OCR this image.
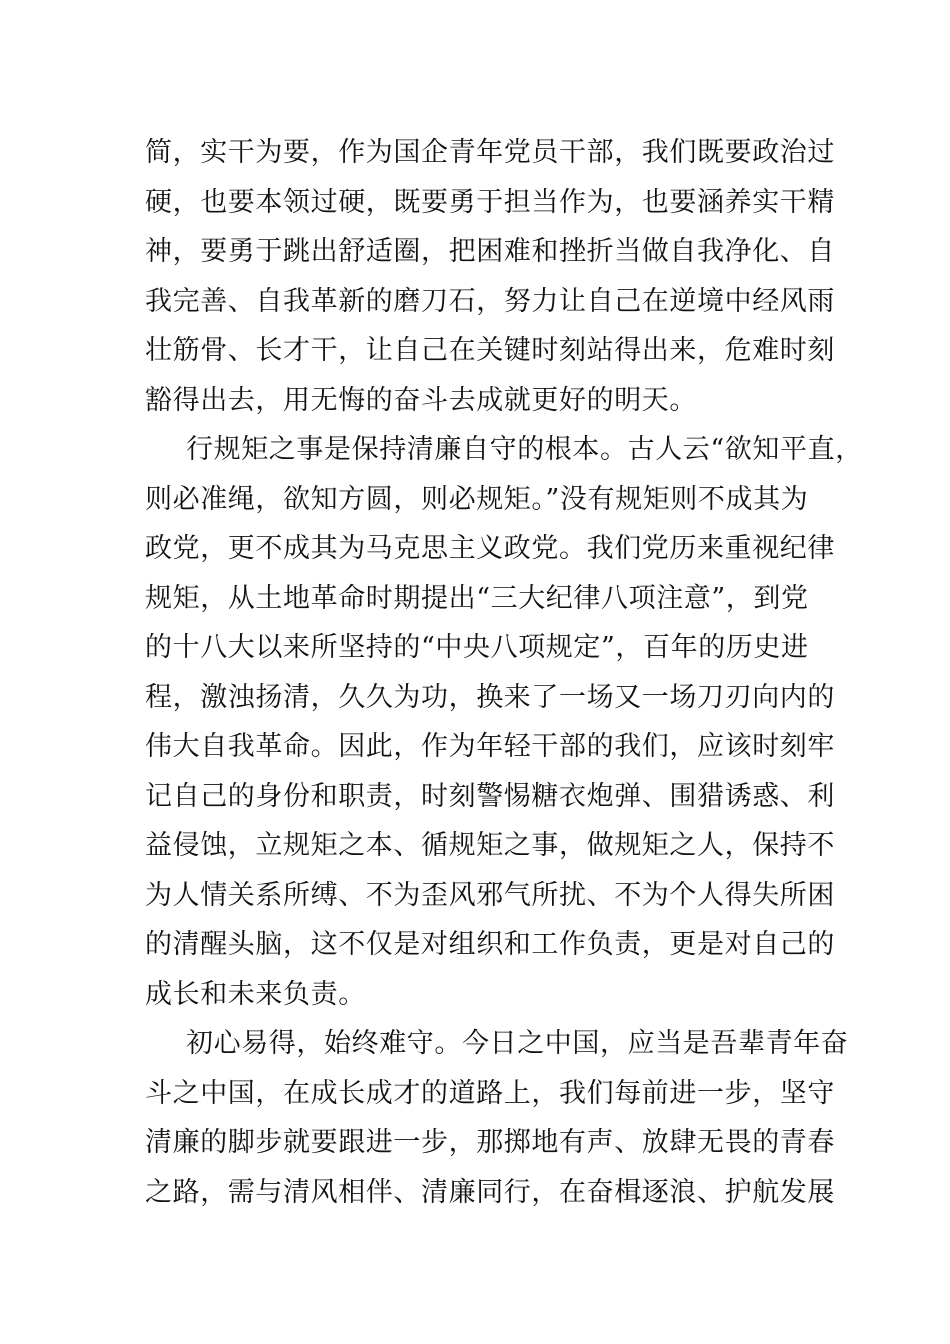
简，实干为要，作为国企青年党员干部，我们既要政治过
硬，也要本领过硬，既要勇于担当作为，也要涵养实干精
神，要勇于跳出舒适圈，把困难和挫折当做自我净化、自
我完善、自我革新的磨刀石，努力让自己在逆境中经风雨
壮筋骨、长才干，让自己在关键时刻站得出来，危难时刻
豁得出去，用无悔的奋斗去成就更好的明天。
行规矩之事是保持清廉自守的根本。古人云“欲知平直，
则必准绳，欲知方圆，则必规矩。”没有规矩则不成其为
政党，更不成其为马克思主义政党。我们党历来重视纪律
规矩，从土地革命时期提出“三大纪律八项注意”，到党
的十八大以来所坚持的“中央八项规定”，百年的历史进
程，激浊扬清，久久为功，换来了一场又一场刀刃向内的
伟大自我革命。因此，作为年轻干部的我们，应该时刻牢
记自己的身份和职责，时刻警惕糖衣炮弹、围猎诱惑、利
益侵蚀，立规矩之本、循规矩之事，做规矩之人，保持不
为人情关系所缚、不为歪风邪气所扰、不为个人得失所困
的清醒头脑，这不仅是对组织和工作负责，更是对自己的
成长和未来负责。
初心易得，始终难守。今日之中国，应当是吾辈青年奋
斗之中国，在成长成才的道路上，我们每前进一步，坚守
清廉的脚步就要跟进一步，那掷地有声、放肆无畏的青春
之路，需与清风相伴、清廉同行，在奋楫逐浪、护航发展
